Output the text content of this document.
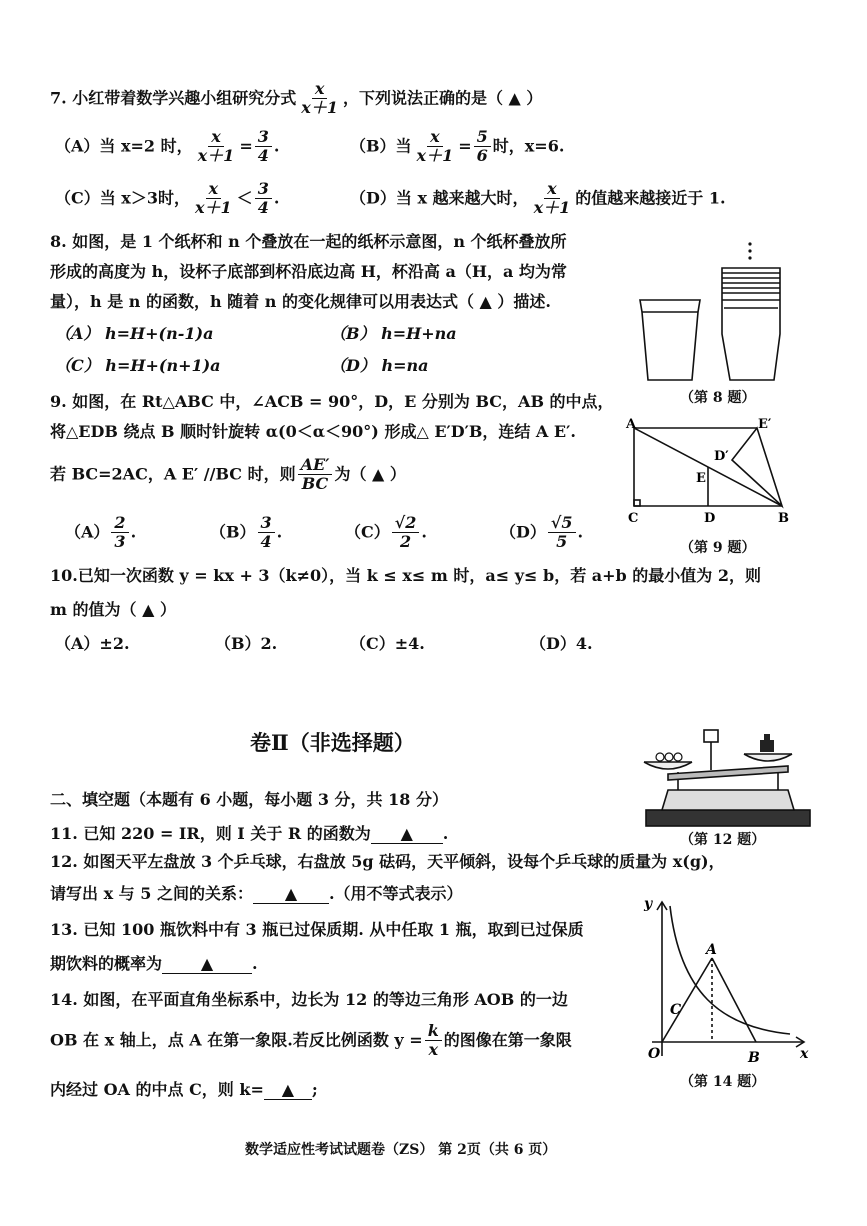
7. 小红带着数学兴趣小组研究分式 $\frac{x}{x+1}$ ，下列说法正确的是（ ▲ ）
（A）当 x=2 时， $\frac{x}{x+1} = \frac{3}{4}$ .	（B）当 $\frac{x}{x+1} = \frac{5}{6}$ 时，x=6.
（C）当 x＞3时， $\frac{x}{x+1} < \frac{3}{4}$ .	（D）当 x 越来越大时， $\frac{x}{x+1}$ 的值越来越接近于 1.
8. 如图，是 1 个纸杯和 n 个叠放在一起的纸杯示意图，n 个纸杯叠放所
形成的高度为 h，设杯子底部到杯沿底边高 H，杯沿高 a（H，a 均为常
量），h 是 n 的函数，h 随着 n 的变化规律可以用表达式（ ▲ ）描述.
（A） h=H+(n-1)a	（B） h=H+na
（C） h=H+(n+1)a	（D） h=na
（第 8 题）
9. 如图，在 Rt△ABC 中，∠ACB = 90°，D，E 分别为 BC，AB 的中点，
将△EDB 绕点 B 顺时针旋转 α(0＜α＜90°) 形成△ E′D′B，连结 A E′.
若 BC=2AC，A E′ //BC 时，则 $\frac{AE'}{BC}$ 为（ ▲ ）
$(A) \frac{2}{3}$ .	$(B) \frac{3}{4}$ .	$(C) \frac{√2}{2}$ .	$(D) \frac{√5}{5}$ .
A	E′
D′
E
C	D	B
（第 9 题）
10.已知一次函数 y = kx + 3（k≠0），当 k ≤ x≤ m 时，a≤ y≤ b，若 a+b 的最小值为 2，则
m 的值为（ ▲ ）
（A）±2.	（B）2.	（C）±4.	（D）4.
卷Ⅱ（非选择题）
二、填空题（本题有 6 小题，每小题 3 分，共 18 分）
（第 12 题）
11. 已知 220 = IR，则 I 关于 R 的函数为 ▲ .
12. 如图天平左盘放 3 个乒乓球，右盘放 5g 砝码，天平倾斜，设每个乒乓球的质量为 x(g)，
请写出 x 与 5 之间的关系： ▲ .（用不等式表示）
13. 已知 100 瓶饮料中有 3 瓶已过保质期. 从中任取 1 瓶，取到已过保质
期饮料的概率为 ▲ .
14. 如图，在平面直角坐标系中，边长为 12 的等边三角形 AOB 的一边
OB 在 x 轴上，点 A 在第一象限.若反比例函数 $y = \frac{k}{x}$ 的图像在第一象限
内经过 OA 的中点 C，则 k= ▲ ;
y
x
O
A
B
C
（第 14 题）
数学适应性考试试题卷（ZS） 第 2页（共 6 页）
